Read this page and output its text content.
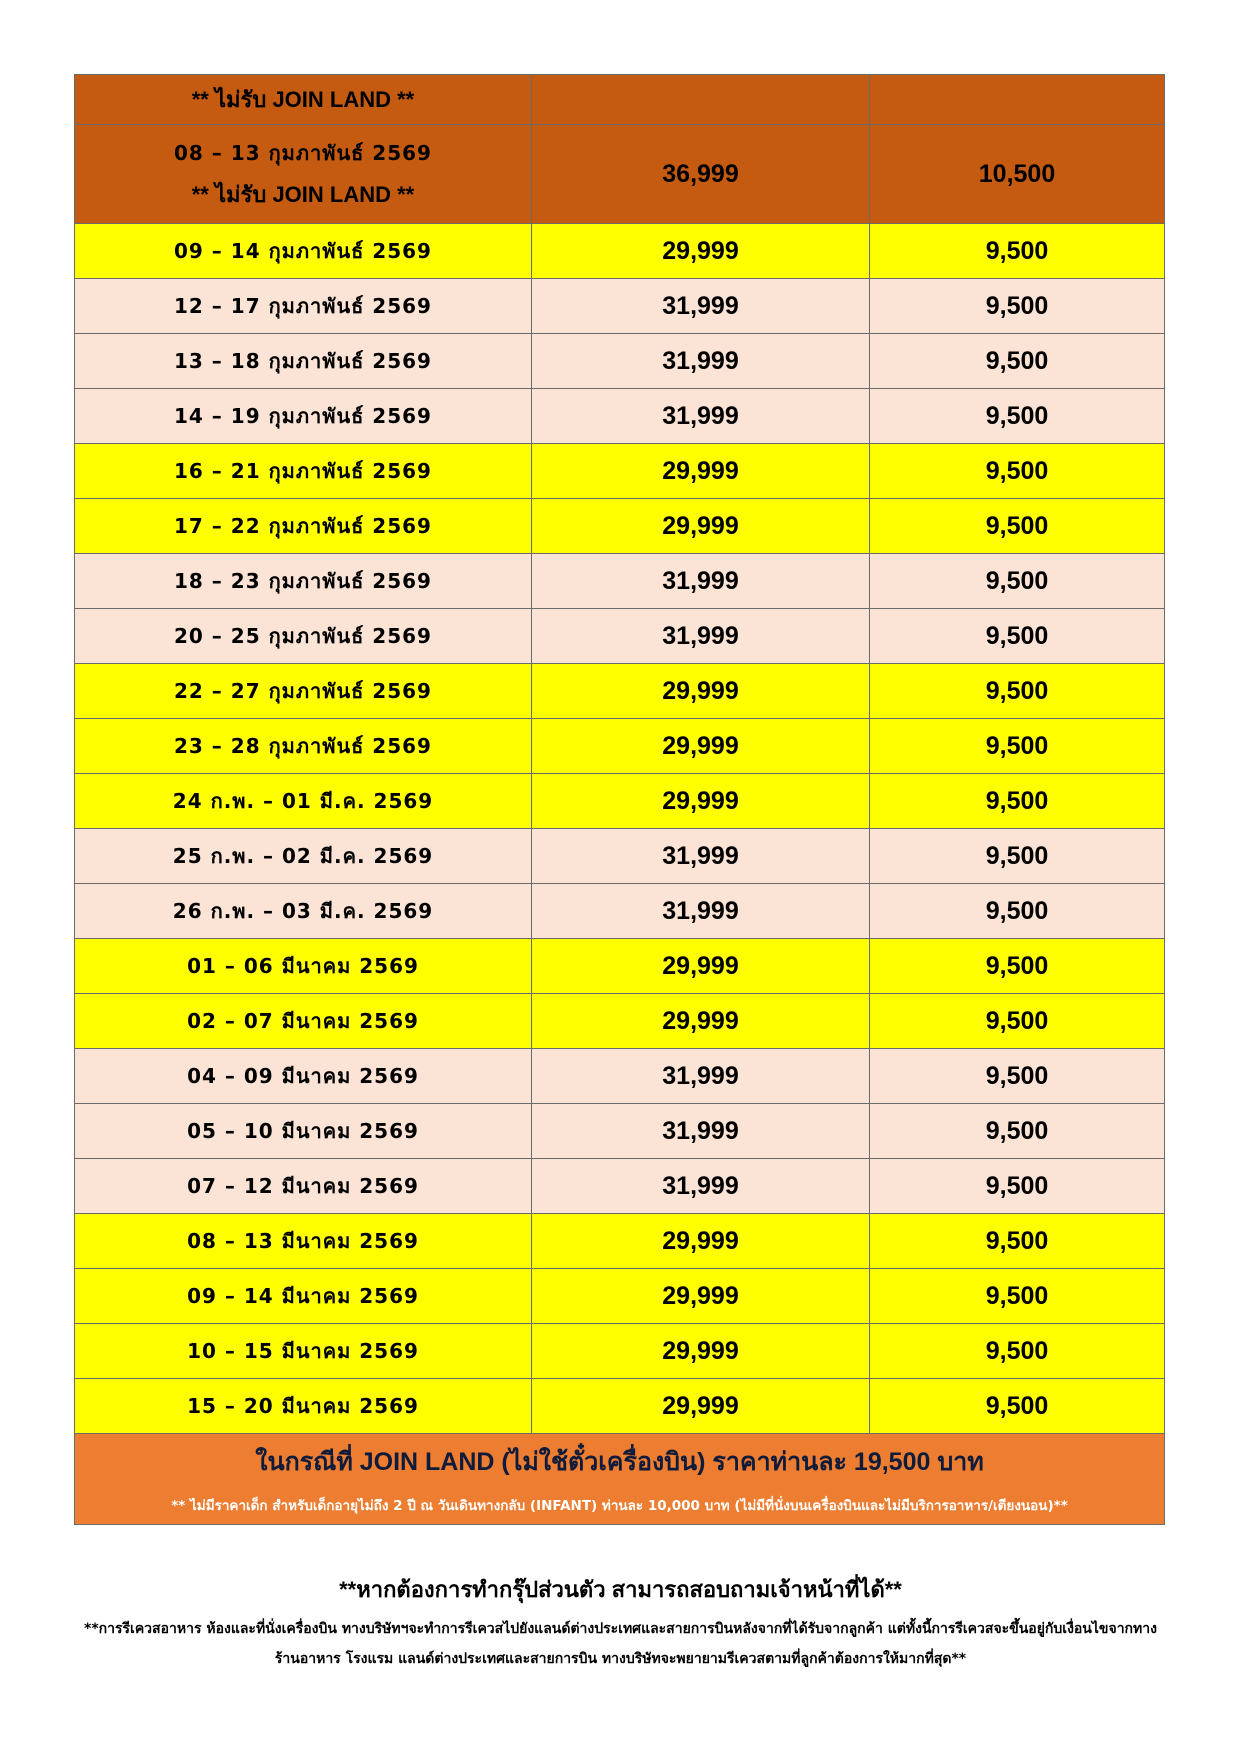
** ไม่รับ JOIN LAND **		

08 – 13 กุมภาพันธ์ 2569
** ไม่รับ JOIN LAND **	36,999	10,500
09 – 14 กุมภาพันธ์ 2569	29,999	9,500
12 – 17 กุมภาพันธ์ 2569	31,999	9,500
13 – 18 กุมภาพันธ์ 2569	31,999	9,500
14 – 19 กุมภาพันธ์ 2569	31,999	9,500
16 – 21 กุมภาพันธ์ 2569	29,999	9,500
17 – 22 กุมภาพันธ์ 2569	29,999	9,500
18 – 23 กุมภาพันธ์ 2569	31,999	9,500
20 – 25 กุมภาพันธ์ 2569	31,999	9,500
22 – 27 กุมภาพันธ์ 2569	29,999	9,500
23 – 28 กุมภาพันธ์ 2569	29,999	9,500
24 ก.พ. – 01 มี.ค. 2569	29,999	9,500
25 ก.พ. – 02 มี.ค. 2569	31,999	9,500
26 ก.พ. – 03 มี.ค. 2569	31,999	9,500
01 – 06 มีนาคม 2569	29,999	9,500
02 – 07 มีนาคม 2569	29,999	9,500
04 – 09 มีนาคม 2569	31,999	9,500
05 – 10 มีนาคม 2569	31,999	9,500
07 – 12 มีนาคม 2569	31,999	9,500
08 – 13 มีนาคม 2569	29,999	9,500
09 – 14 มีนาคม 2569	29,999	9,500
10 – 15 มีนาคม 2569	29,999	9,500
15 – 20 มีนาคม 2569	29,999	9,500

ในกรณีที่ JOIN LAND (ไม่ใช้ตั๋วเครื่องบิน) ราคาท่านละ 19,500 บาท
** ไม่มีราคาเด็ก สำหรับเด็กอายุไม่ถึง 2 ปี ณ วันเดินทางกลับ (INFANT) ท่านละ 10,000 บาท (ไม่มีที่นั่งบนเครื่องบินและไม่มีบริการอาหาร/เตียงนอน)**		
**หากต้องการทำกรุ๊ปส่วนตัว สามารถสอบถามเจ้าหน้าที่ได้**
**การรีเควสอาหาร ห้องและที่นั่งเครื่องบิน ทางบริษัทฯจะทำการรีเควสไปยังแลนด์ต่างประเทศและสายการบินหลังจากที่ได้รับจากลูกค้า แต่ทั้งนี้การรีเควสจะขึ้นอยู่กับเงื่อนไขจากทางร้านอาหาร โรงแรม แลนด์ต่างประเทศและสายการบิน ทางบริษัทจะพยายามรีเควสตามที่ลูกค้าต้องการให้มากที่สุด**
